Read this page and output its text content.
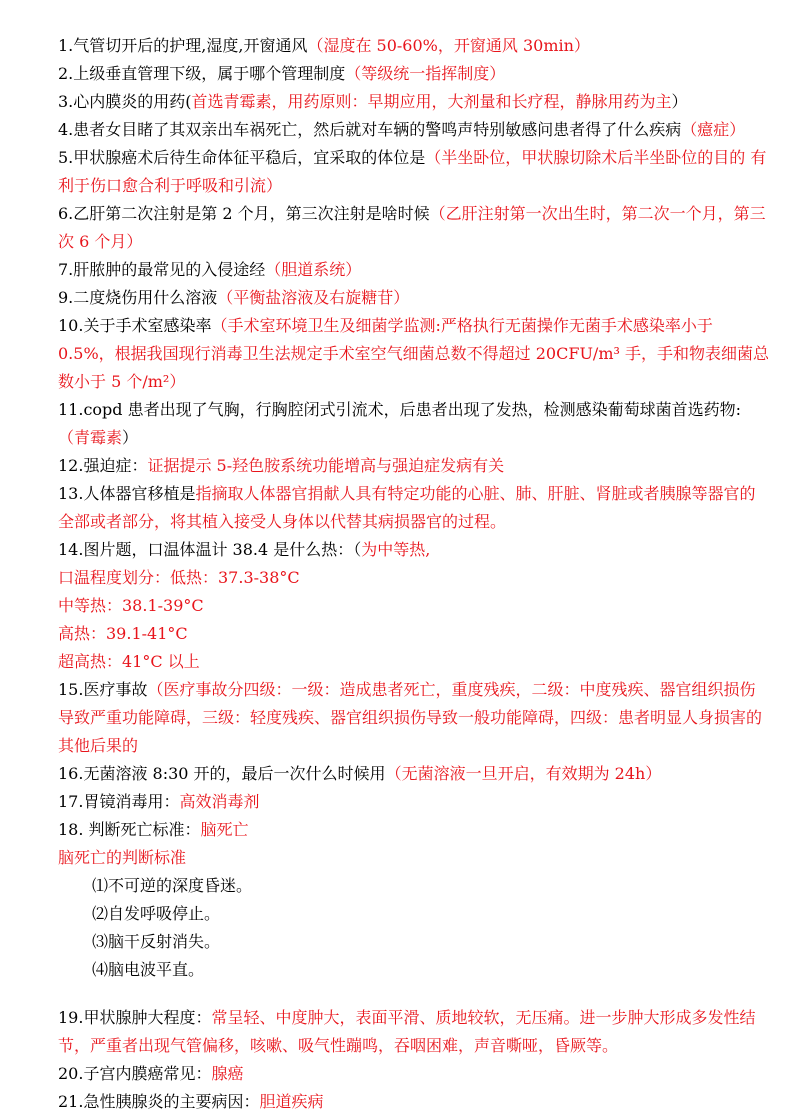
1.气管切开后的护理,湿度,开窗通风（湿度在 50-60%，开窗通风 30min）

2.上级垂直管理下级，属于哪个管理制度（等级统一指挥制度）

3.心内膜炎的用药(首选青霉素，用药原则：早期应用，大剂量和长疗程，静脉用药为主）

4.患者女目睹了其双亲出车祸死亡，然后就对车辆的警鸣声特别敏感问患者得了什么疾病（癔症）

5.甲状腺癌术后待生命体征平稳后，宜采取的体位是（半坐卧位，甲状腺切除术后半坐卧位的目的 有利于伤口愈合利于呼吸和引流）

6.乙肝第二次注射是第 2 个月，第三次注射是啥时候（乙肝注射第一次出生时，第二次一个月，第三次 6 个月）

7.肝脓肿的最常见的入侵途经（胆道系统）

9.二度烧伤用什么溶液（平衡盐溶液及右旋糖苷）

10.关于手术室感染率（手术室环境卫生及细菌学监测:严格执行无菌操作无菌手术感染率小于 0.5%，根据我国现行消毒卫生法规定手术室空气细菌总数不得超过 20CFU/m³ 手，手和物表细菌总数小于 5 个/m²）

11.copd 患者出现了气胸，行胸腔闭式引流术，后患者出现了发热，检测感染葡萄球菌首选药物:（青霉素）

12.强迫症：证据提示 5-羟色胺系统功能增高与强迫症发病有关

13.人体器官移植是指摘取人体器官捐献人具有特定功能的心脏、肺、肝脏、肾脏或者胰腺等器官的全部或者部分，将其植入接受人身体以代替其病损器官的过程。

14.图片题，口温体温计 38.4 是什么热：（为中等热,

口温程度划分：低热：37.3-38°C

中等热：38.1-39°C

高热：39.1-41°C

超高热：41°C 以上

15.医疗事故（医疗事故分四级：一级：造成患者死亡，重度残疾，二级：中度残疾、器官组织损伤导致严重功能障碍，三级：轻度残疾、器官组织损伤导致一般功能障碍，四级：患者明显人身损害的其他后果的

16.无菌溶液 8:30 开的，最后一次什么时候用（无菌溶液一旦开启，有效期为 24h）

17.胃镜消毒用：高效消毒剂

18. 判断死亡标准：脑死亡

脑死亡的判断标准

⑴不可逆的深度昏迷。

⑵自发呼吸停止。

⑶脑干反射消失。

⑷脑电波平直。

19.甲状腺肿大程度：常呈轻、中度肿大，表面平滑、质地较软，无压痛。进一步肿大形成多发性结节，严重者出现气管偏移，咳嗽、吸气性蹦鸣，吞咽困难，声音嘶哑，昏厥等。

20.子宫内膜癌常见：腺癌

21.急性胰腺炎的主要病因：胆道疾病
